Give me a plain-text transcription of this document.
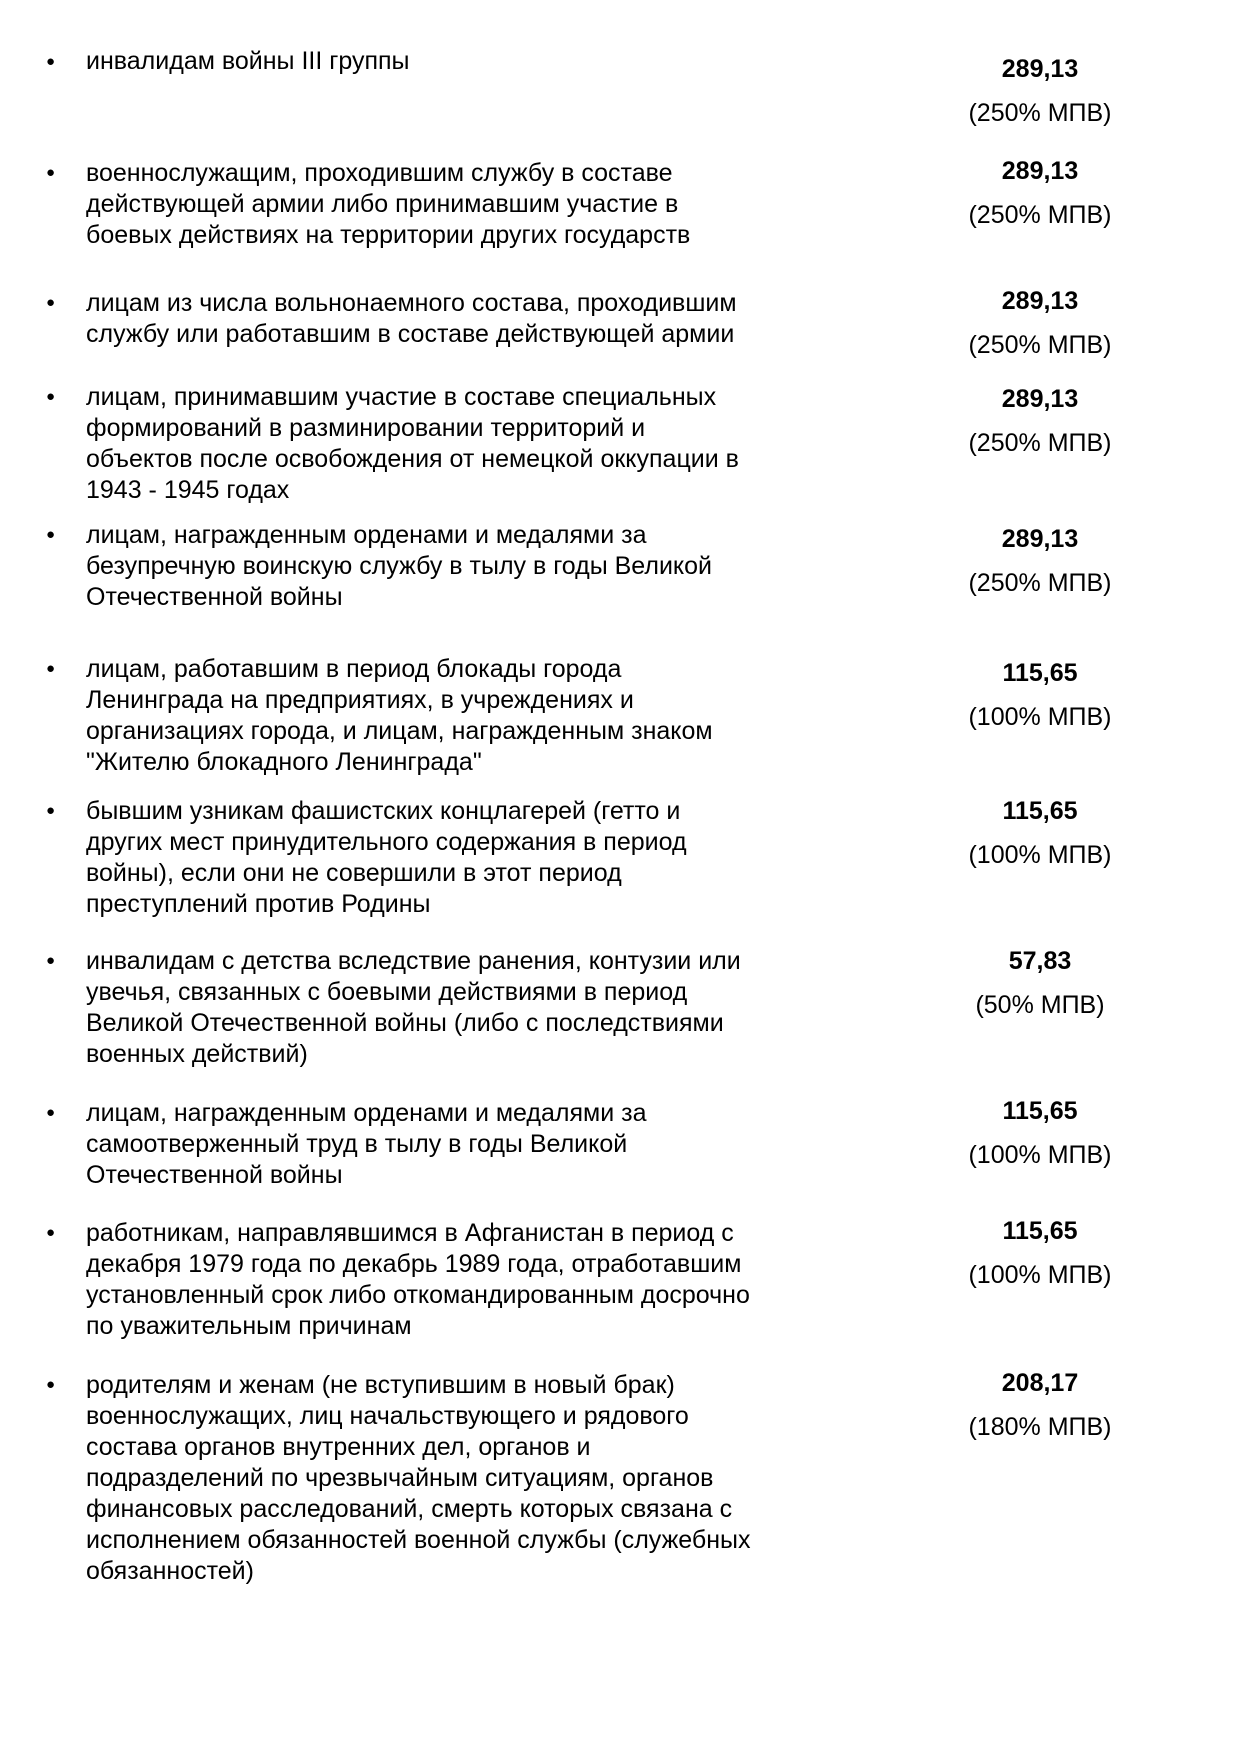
● инвалидам войны III группы	289,13
(250% МПВ)
● военнослужащим, проходившим службу в составе
действующей армии либо принимавшим участие в
боевых действиях на территории других государств
289,13
(250% МПВ)
● лицам из числа вольнонаемного состава, проходившим
службу или работавшим в составе действующей армии
289,13
(250% МПВ)
● лицам, принимавшим участие в составе специальных
формирований в разминировании территорий и
объектов после освобождения от немецкой оккупации в
1943 - 1945 годах
289,13
(250% МПВ)
● лицам, награжденным орденами и медалями за
безупречную воинскую службу в тылу в годы Великой
Отечественной войны
289,13
(250% МПВ)
● лицам, работавшим в период блокады города
Ленинграда на предприятиях, в учреждениях и
организациях города, и лицам, награжденным знаком
"Жителю блокадного Ленинграда"
115,65
(100% МПВ)
● бывшим узникам фашистских концлагерей (гетто и
других мест принудительного содержания в период
войны), если они не совершили в этот период
преступлений против Родины
115,65
(100% МПВ)
● инвалидам с детства вследствие ранения, контузии или
увечья, связанных с боевыми действиями в период
Великой Отечественной войны (либо с последствиями
военных действий)
57,83
(50% МПВ)
● лицам, награжденным орденами и медалями за
самоотверженный труд в тылу в годы Великой
Отечественной войны
115,65
(100% МПВ)
● работникам, направлявшимся в Афганистан в период с
декабря 1979 года по декабрь 1989 года, отработавшим
установленный срок либо откомандированным досрочно
по уважительным причинам
115,65
(100% МПВ)
● родителям и женам (не вступившим в новый брак)
военнослужащих, лиц начальствующего и рядового
состава органов внутренних дел, органов и
подразделений по чрезвычайным ситуациям, органов
финансовых расследований, смерть которых связана с
исполнением обязанностей военной службы (служебных
обязанностей)
208,17
(180% МПВ)
